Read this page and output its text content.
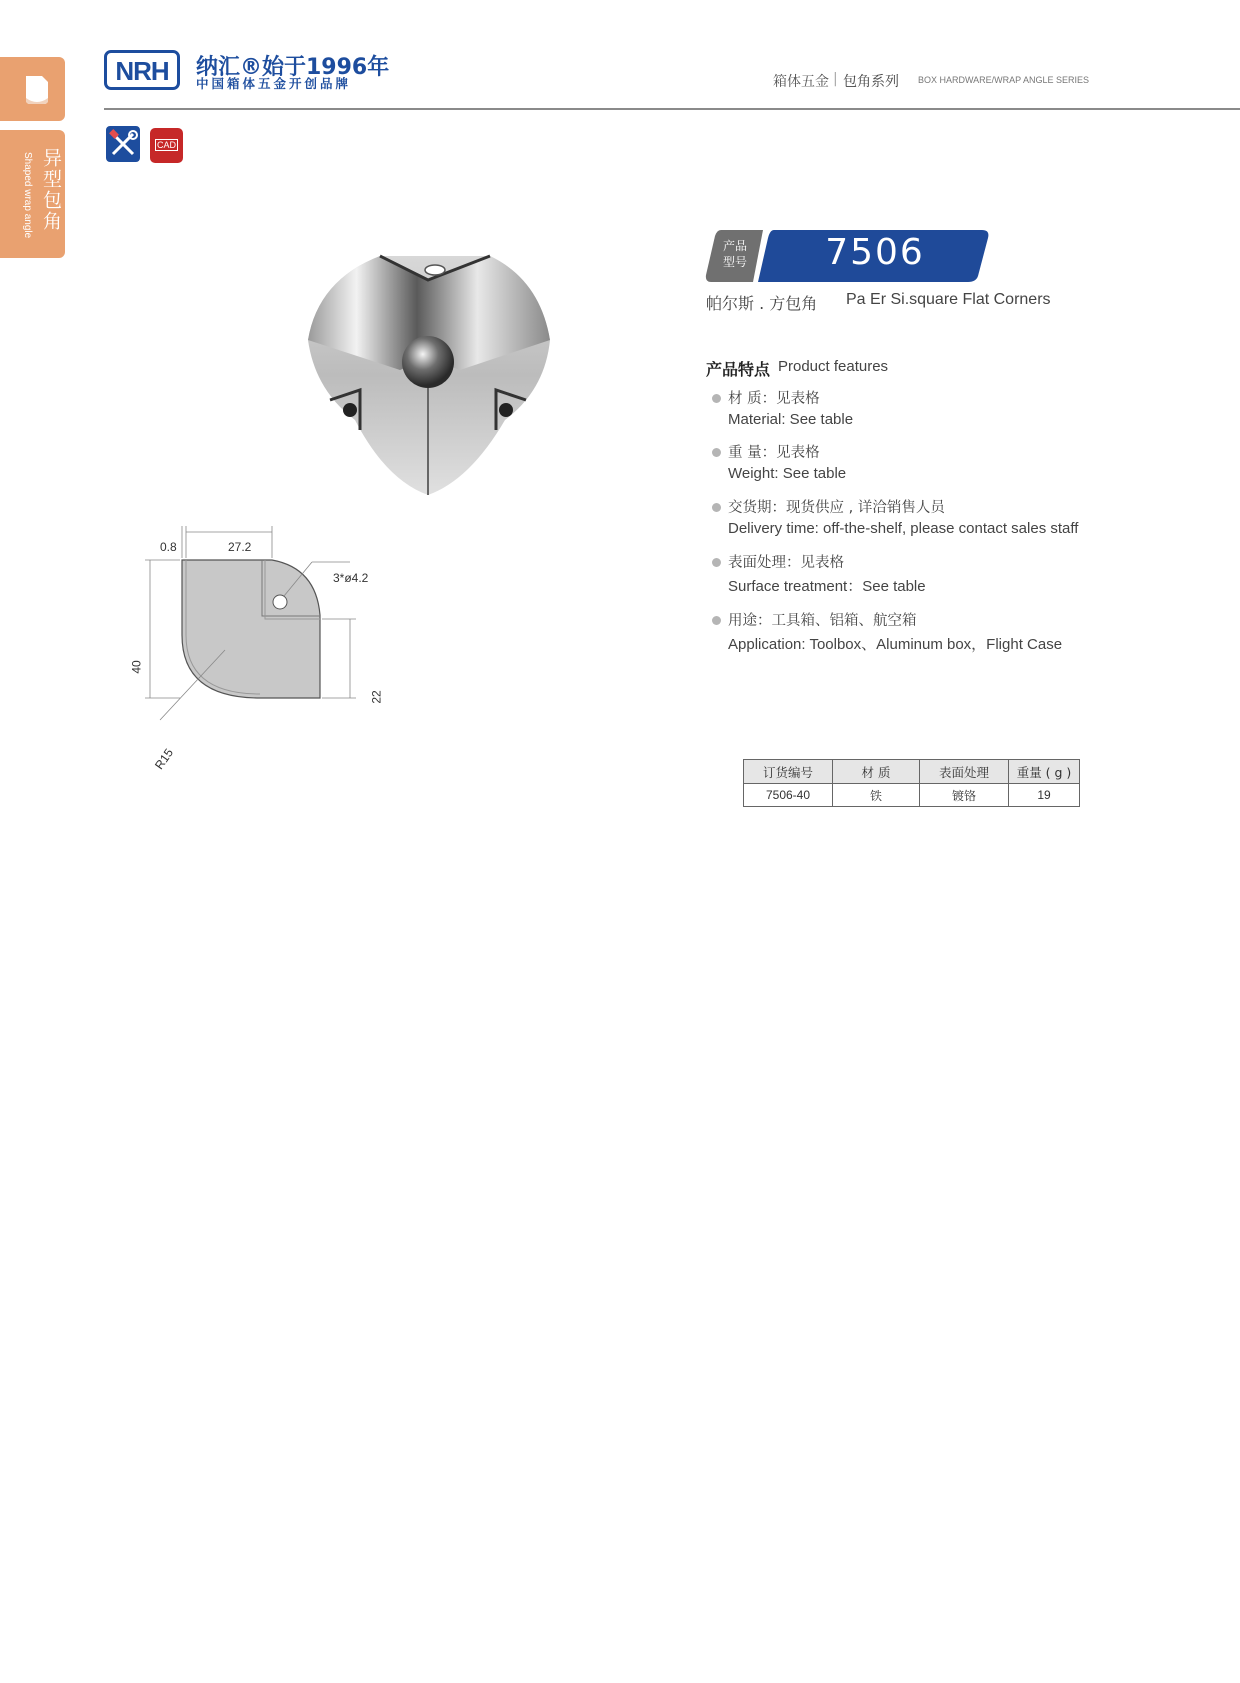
异型包角
Shaped wrap angle
NRH	纳汇®始于1996年
中国箱体五金开创品牌	箱体五金 | 包角系列 BOX HARDWARE/WRAP ANGLE SERIES
CAD
0.8	27.2
3*ø4.2
40
22
R15
产品
型号	7506
帕尔斯 . 方包角 Pa Er Si.square Flat Corners
产品特点 Product features
材 质：见表格
Material: See table
重 量：见表格
Weight: See table
交货期：现货供应 , 详洽销售人员
Delivery time: off-the-shelf, please contact sales staff
表面处理：见表格
Surface treatment：See table
用途：工具箱、铝箱、航空箱
Application: Toolbox、Aluminum box，Flight Case
订货编号	材 质	表面处理	重量 ( g )
7506-40	铁	镀铬	19
